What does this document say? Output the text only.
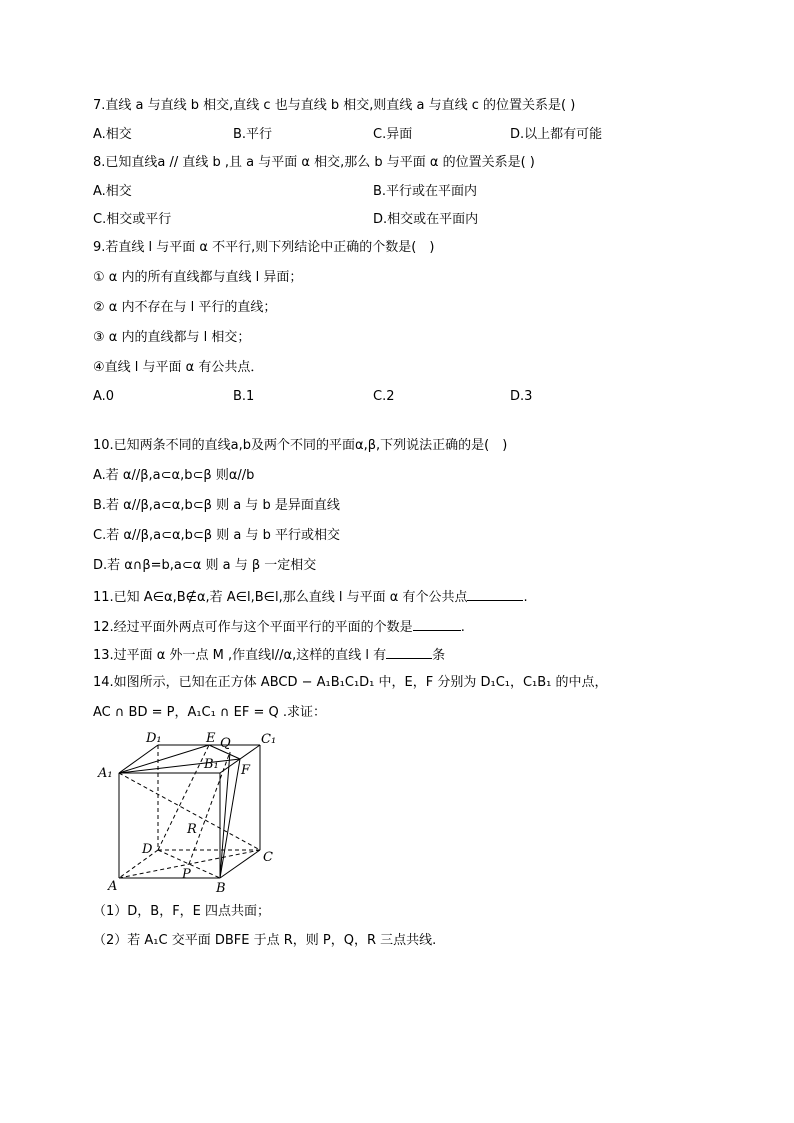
7.直线 a 与直线 b 相交,直线 c 也与直线 b 相交,则直线 a 与直线 c 的位置关系是( )
A.相交	B.平行	C.异面	D.以上都有可能
8.已知直线a // 直线 b ,且 a 与平面 α 相交,那么 b 与平面 α 的位置关系是( )
A.相交	B.平行或在平面内
C.相交或平行	D.相交或在平面内
9.若直线 l 与平面 α 不平行,则下列结论中正确的个数是(　)
① α 内的所有直线都与直线 l 异面；
② α 内不存在与 l 平行的直线；
③ α 内的直线都与 l 相交；
④直线 l 与平面 α 有公共点．
A.0	B.1	C.2	D.3
10.已知两条不同的直线a,b及两个不同的平面α,β,下列说法正确的是(　)
A.若 α//β,a⊂α,b⊂β 则α//b
B.若 α//β,a⊂α,b⊂β 则 a 与 b 是异面直线
C.若 α//β,a⊂α,b⊂β 则 a 与 b 平行或相交
D.若 α∩β=b,a⊂α 则 a 与 β 一定相交
11.已知 A∈α,B∉α,若 A∈l,B∈l,那么直线 l 与平面 α 有个公共点	.
12.经过平面外两点可作与这个平面平行的平面的个数是	.
13.过平面 α 外一点 M ,作直线l//α,这样的直线 l 有	条
14.如图所示，已知在正方体 ABCD − A₁B₁C₁D₁ 中，E，F 分别为 D₁C₁，C₁B₁ 的中点，
AC ∩ BD = P，A₁C₁ ∩ EF = Q .求证：
D₁	E Q C₁
A₁
B₁ F
R
D
C
P
A	B
（1）D，B，F，E 四点共面；
（2）若 A₁C 交平面 DBFE 于点 R，则 P，Q，R 三点共线.
